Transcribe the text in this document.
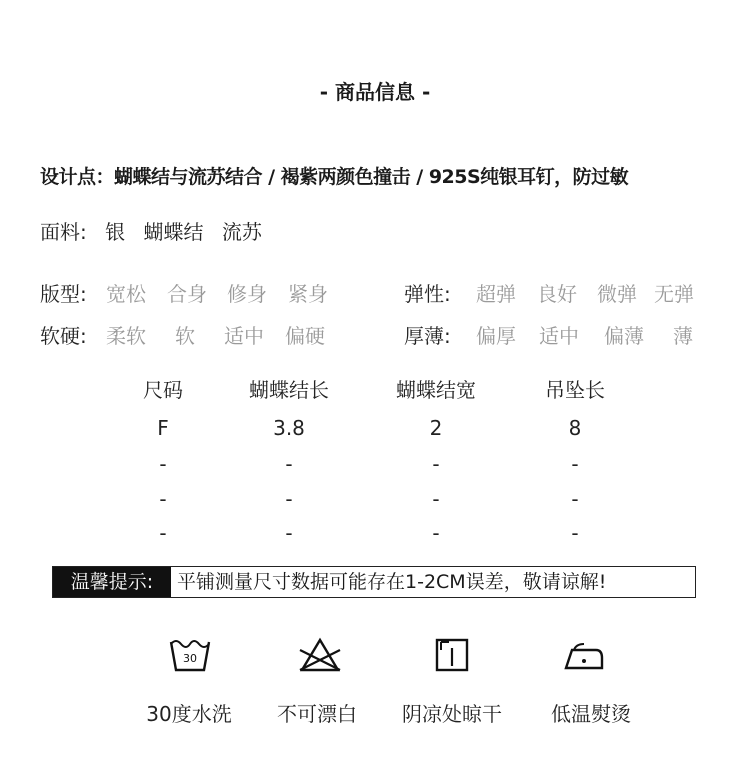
- 商品信息 -
设计点：蝴蝶结与流苏结合 / 褐紫两颜色撞击 / 925S纯银耳钉，防过敏
面料: 银 蝴蝶结 流苏
版型: 宽松 合身 修身 紧身	弹性: 超弹 良好 微弹 无弹
软硬: 柔软 软 适中 偏硬	厚薄: 偏厚 适中 偏薄 薄
尺码	蝴蝶结长	蝴蝶结宽	吊坠长
F	3.8	2	8
-	-	-	-
-	-	-	-
-	-	-	-
温馨提示:	平铺测量尺寸数据可能存在1-2CM误差，敬请谅解!
30
30度水洗	不可漂白	阴凉处晾干	低温熨烫
